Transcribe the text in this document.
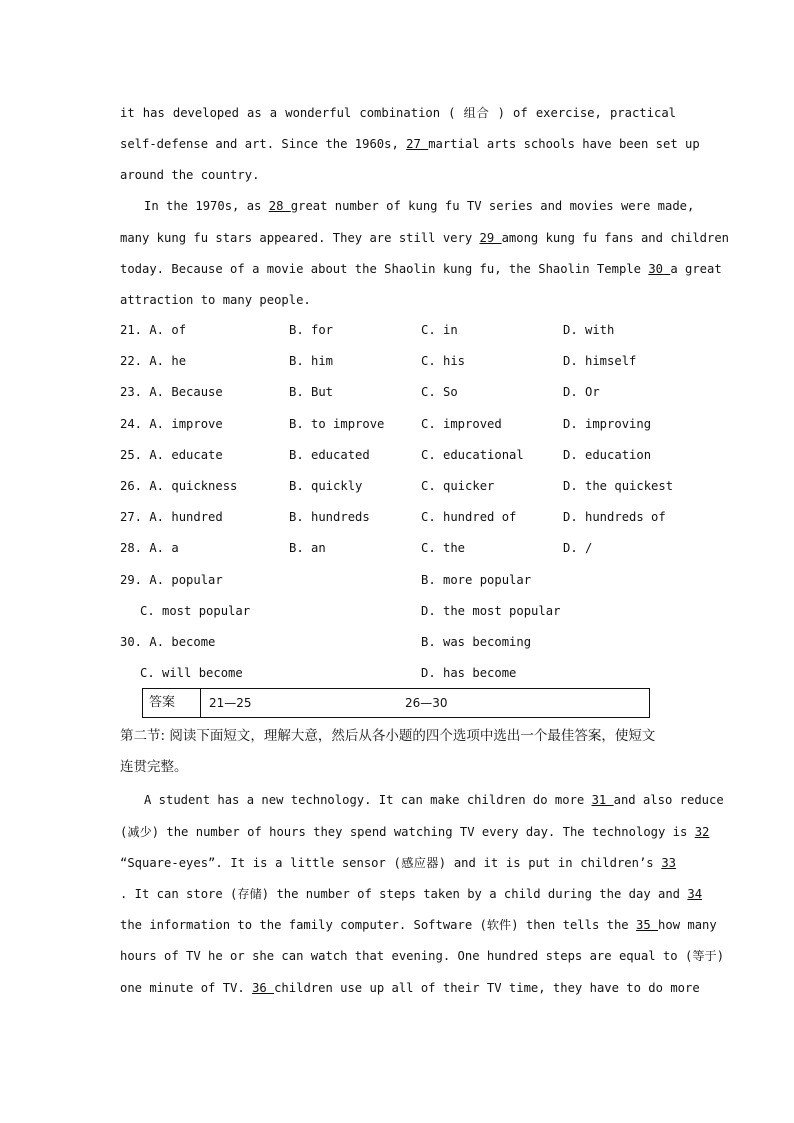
it has developed as a wonderful combination ( 组合 ) of exercise, practical
self-defense and art. Since the 1960s, 27 martial arts schools have been set up
around the country.
In the 1970s, as 28 great number of kung fu TV series and movies were made,
many kung fu stars appeared. They are still very 29 among kung fu fans and children
today. Because of a movie about the Shaolin kung fu, the Shaolin Temple 30 a great
attraction to many people.
21. A. of	B. for	C. in	D. with
22. A. he	B. him	C. his	D. himself
23. A. Because	B. But	C. So	D. Or
24. A. improve	B. to improve	C. improved	D. improving
25. A. educate	B. educated	C. educational	D. education
26. A. quickness	B. quickly	C. quicker	D. the quickest
27. A. hundred	B. hundreds	C. hundred of	D. hundreds of
28. A. a	B. an	C. the	D. /
29. A. popular	B. more popular
C. most popular	D. the most popular
30. A. become	B. was becoming
C. will become	D. has become
答案	21—25	26—30
第二节: 阅读下面短文，理解大意，然后从各小题的四个选项中选出一个最佳答案，使短文
连贯完整。
A student has a new technology. It can make children do more 31 and also reduce
(减少) the number of hours they spend watching TV every day. The technology is 32
“Square-eyes”. It is a little sensor (感应器) and it is put in children’s 33
. It can store (存储) the number of steps taken by a child during the day and 34
the information to the family computer. Software (软件) then tells the 35 how many
hours of TV he or she can watch that evening. One hundred steps are equal to (等于)
one minute of TV. 36 children use up all of their TV time, they have to do more
